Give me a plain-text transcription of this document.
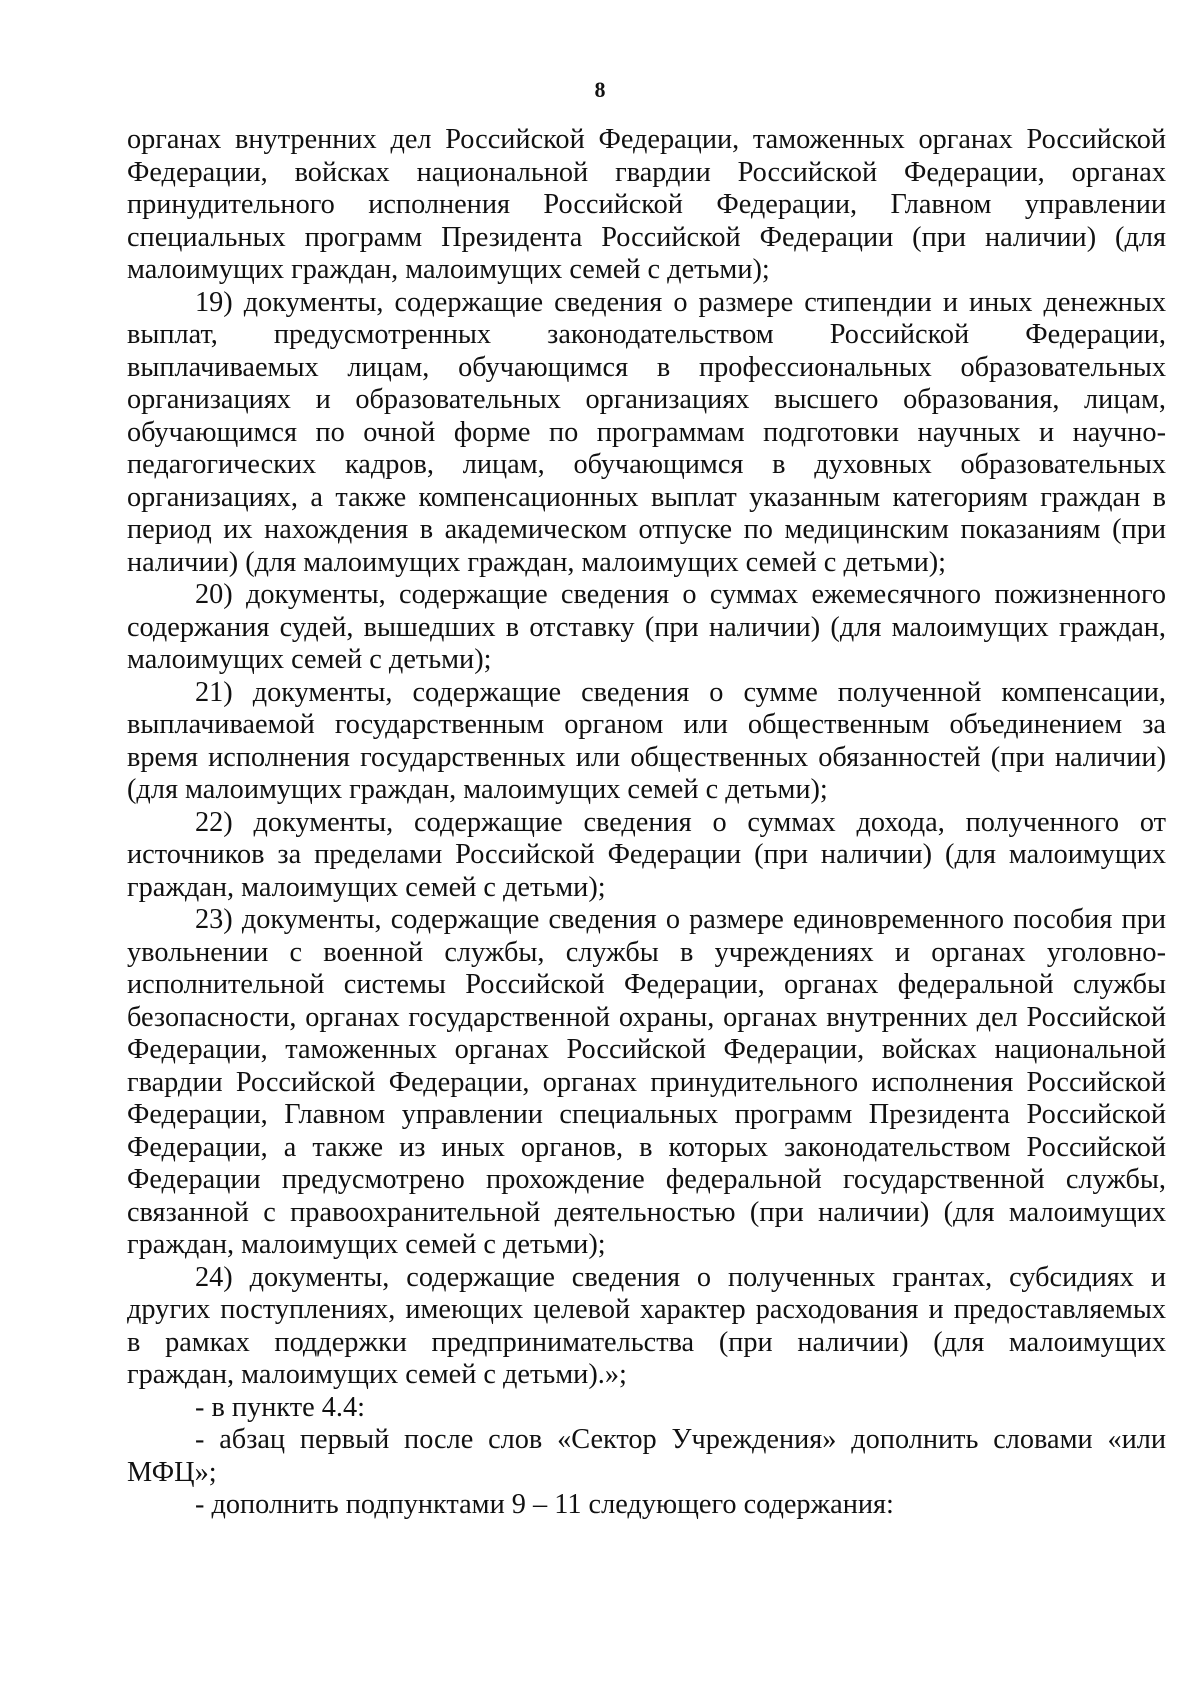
8
органах внутренних дел Российской Федерации, таможенных органах Российской
Федерации, войсках национальной гвардии Российской Федерации, органах
принудительного исполнения Российской Федерации, Главном управлении
специальных программ Президента Российской Федерации (при наличии) (для
малоимущих граждан, малоимущих семей с детьми);
19) документы, содержащие сведения о размере стипендии и иных денежных
выплат, предусмотренных законодательством Российской Федерации,
выплачиваемых лицам, обучающимся в профессиональных образовательных
организациях и образовательных организациях высшего образования, лицам,
обучающимся по очной форме по программам подготовки научных и научно-
педагогических кадров, лицам, обучающимся в духовных образовательных
организациях, а также компенсационных выплат указанным категориям граждан в
период их нахождения в академическом отпуске по медицинским показаниям (при
наличии) (для малоимущих граждан, малоимущих семей с детьми);
20) документы, содержащие сведения о суммах ежемесячного пожизненного
содержания судей, вышедших в отставку (при наличии) (для малоимущих граждан,
малоимущих семей с детьми);
21) документы, содержащие сведения о сумме полученной компенсации,
выплачиваемой государственным органом или общественным объединением за
время исполнения государственных или общественных обязанностей (при наличии)
(для малоимущих граждан, малоимущих семей с детьми);
22) документы, содержащие сведения о суммах дохода, полученного от
источников за пределами Российской Федерации (при наличии) (для малоимущих
граждан, малоимущих семей с детьми);
23) документы, содержащие сведения о размере единовременного пособия при
увольнении с военной службы, службы в учреждениях и органах уголовно-
исполнительной системы Российской Федерации, органах федеральной службы
безопасности, органах государственной охраны, органах внутренних дел Российской
Федерации, таможенных органах Российской Федерации, войсках национальной
гвардии Российской Федерации, органах принудительного исполнения Российской
Федерации, Главном управлении специальных программ Президента Российской
Федерации, а также из иных органов, в которых законодательством Российской
Федерации предусмотрено прохождение федеральной государственной службы,
связанной с правоохранительной деятельностью (при наличии) (для малоимущих
граждан, малоимущих семей с детьми);
24) документы, содержащие сведения о полученных грантах, субсидиях и
других поступлениях, имеющих целевой характер расходования и предоставляемых
в рамках поддержки предпринимательства (при наличии) (для малоимущих
граждан, малоимущих семей с детьми).»;
- в пункте 4.4:
- абзац первый после слов «Сектор Учреждения» дополнить словами «или
МФЦ»;
- дополнить подпунктами 9 – 11 следующего содержания:
